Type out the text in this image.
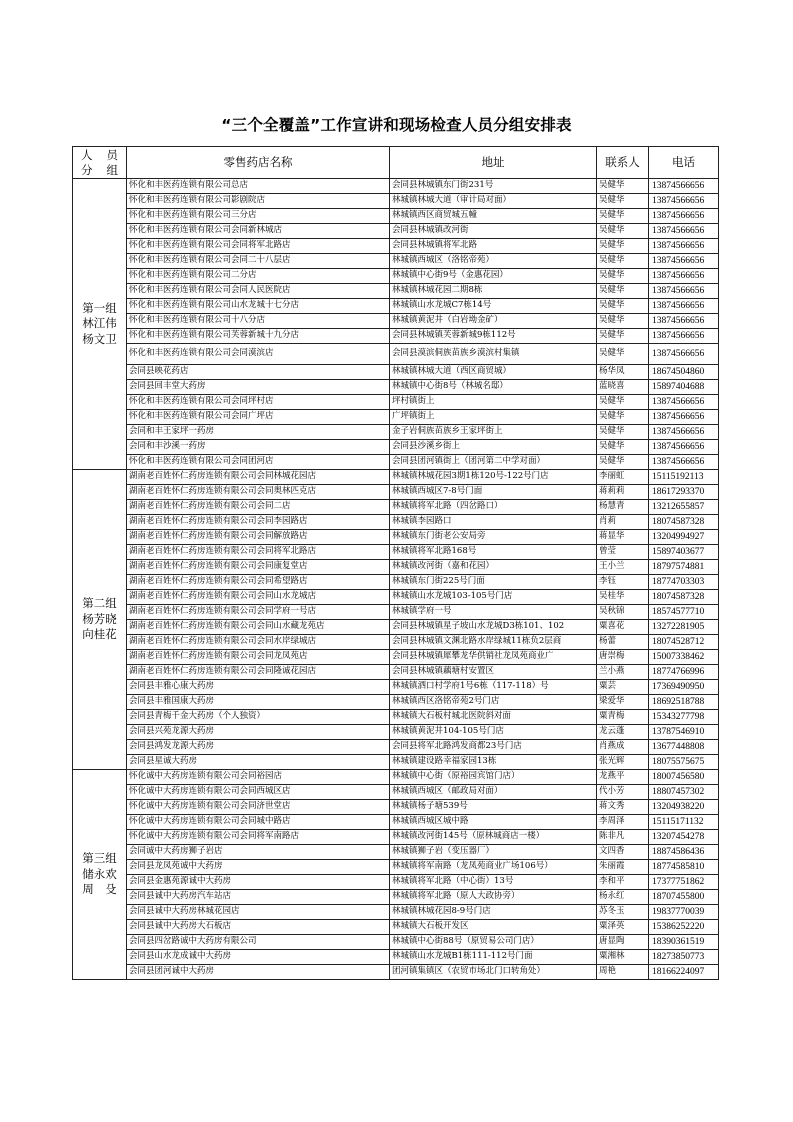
“三个全覆盖”工作宣讲和现场检查人员分组安排表
人　员
分　组	零售药店名称	地址	联系人	电话

第一组
林江伟
杨文卫	怀化和丰医药连锁有限公司总店	会同县林城镇东门街231号	吴健华	13874566656
	怀化和丰医药连锁有限公司影剧院店	林城镇林城大道（审计局对面）	吴健华	13874566656
	怀化和丰医药连锁有限公司三分店	林城镇西区商贸城五幢	吴健华	13874566656
	怀化和丰医药连锁有限公司会同新林城店	会同县林城镇改河街	吴健华	13874566656
	怀化和丰医药连锁有限公司会同将军北路店	会同县林城镇将军北路	吴健华	13874566656
	怀化和丰医药连锁有限公司会同二十八层店	林城镇西城区（洛铭帝苑）	吴健华	13874566656
	怀化和丰医药连锁有限公司二分店	林城镇中心街9号（金惠花园）	吴健华	13874566656
	怀化和丰医药连锁有限公司会同人民医院店	林城镇林城花园二期8栋	吴健华	13874566656
	怀化和丰医药连锁有限公司山水龙城十七分店	林城镇山水龙城C7栋14号	吴健华	13874566656
	怀化和丰医药连锁有限公司十八分店	林城镇黄泥井（白岩坳金矿）	吴健华	13874566656
	怀化和丰医药连锁有限公司芙蓉新城十九分店	会同县林城镇芙蓉新城9栋112号	吴健华	13874566656
	怀化和丰医药连锁有限公司会同漠滨店	会同县漠滨侗族苗族乡漠滨村集镇	吴健华	13874566656
	会同县映花药店	林城镇林城大道（西区商贸城）	杨华凤	18674504860
	会同县回丰堂大药房	林城镇中心街8号（林城名邸）	蓝晓喜	15897404688
	怀化和丰医药连锁有限公司会同坪村店	坪村镇街上	吴健华	13874566656
	怀化和丰医药连锁有限公司会同广坪店	广坪镇街上	吴健华	13874566656
	会同和丰王家坪一药房	金子岩侗族苗族乡王家坪街上	吴健华	13874566656
	会同和丰沙溪一药房	会同县沙溪乡街上	吴健华	13874566656
	怀化和丰医药连锁有限公司会同团河店	会同县团河镇街上（团河第二中学对面）	吴健华	13874566656

第二组
杨芳晓
向桂花	湖南老百姓怀仁药房连锁有限公司会同林城花园店	林城镇林城花园3期1栋120号-122号门店	李丽虹	15115192113
	湖南老百姓怀仁药房连锁有限公司会同奥林匹克店	林城镇西城区7-8号门面	蒋莉莉	18617293370
	湖南老百姓怀仁药房连锁有限公司会同二店	林城镇将军北路（四岔路口）	杨慧青	13212655857
	湖南老百姓怀仁药房连锁有限公司会同李园路店	林城镇李园路口	肖莉	18074587328
	湖南老百姓怀仁药房连锁有限公司会同解放路店	林城镇东门街老公安局旁	蒋显华	13204994927
	湖南老百姓怀仁药房连锁有限公司会同将军北路店	林城镇将军北路168号	曾莹	15897403677
	湖南老百姓怀仁药房连锁有限公司会同康复堂店	林城镇改河街（嘉和花园）	王小兰	18797574881
	湖南老百姓怀仁药房连锁有限公司会同希望路店	林城镇东门街225号门面	李钰	18774703303
	湖南老百姓怀仁药房连锁有限公司会同山水龙城店	林城镇山水龙城103-105号门店	吴桂华	18074587328
	湖南老百姓怀仁药房连锁有限公司会同学府一号店	林城镇学府一号	吴秋锦	18574577710
	湖南老百姓怀仁药房连锁有限公司会同山水藏龙苑店	会同县林城镇星子坡山水龙城D3栋101、102	粟喜花	13272281905
	湖南老百姓怀仁药房连锁有限公司会同水岸绿城店	会同县林城镇文渊北路水岸绿城11栋负2层商	杨蕾	18074528712
	湖南老百姓怀仁药房连锁有限公司会同龙凤苑店	会同县林城镇犀攀龙华供销社龙凤苑商业广	唐崇梅	15007338462
	湖南老百姓怀仁药房连锁有限公司会同隆诚花园店	会同县林城镇藕塘村安置区	兰小燕	18774766996
	会同县丰雅心康大药房	林城镇洒口村学府1号6栋（117-118）号	粟芸	17369490950
	会同县丰雅国康大药房	林城镇西区洛铭帝苑2号门店	梁爱华	18692518788
	会同县青梅千金大药房（个人独资）	林城镇大石板村城北医院斜对面	粟青梅	15343277798
	会同县兴苑龙源大药房	林城镇黄泥井104-105号门店	龙云蓬	13787546910
	会同县鸿发龙源大药房	会同县将军北路鸿发商都23号门店	肖燕成	13677448808
	会同县星诚大药房	林城镇建设路幸福家园13栋	张光辉	18075575675

第三组
储永欢
周　殳	怀化诚中大药房连锁有限公司会同裕园店	林城镇中心街（原裕园宾馆门店）	龙燕平	18007456580
	怀化诚中大药房连锁有限公司会同西城区店	林城镇西城区（邮政局对面）	代小芳	18807457302
	怀化诚中大药房连锁有限公司会同济世堂店	林城镇杨子塘539号	蒋文秀	13204938220
	怀化诚中大药房连锁有限公司会同城中路店	林城镇西城区城中路	李周泽	15115171132
	怀化诚中大药房连锁有限公司会同将军南路店	林城镇改河街145号（原林城商店一楼）	陈非凡	13207454278
	会同诚中大药房狮子岩店	林城镇狮子岩（变压器厂）	文四香	18874586436
	会同县龙凤苑诚中大药房	林城镇将军南路（龙凤苑商业广场106号）	朱丽霞	18774585810
	会同县金惠苑源诚中大药房	林城镇将军北路（中心街）13号	李和平	17377751862
	会同县诚中大药房汽车站店	林城镇将军北路（原人大政协旁）	杨永红	18707455800
	会同县诚中大药房林城花园店	林城镇林城花园8-9号门店	苏冬玉	19837770039
	会同县诚中大药房大石板店	林城镇大石板开发区	粟泽英	15386252220
	会同县四岔路诚中大药房有限公司	林城镇中心街88号（原贸易公司门店）	唐显陶	18390361519
	会同县山水龙成诚中大药房	林城镇山水龙城B1栋111-112号门面	粟湘林	18273850773
	会同县团河诚中大药房	团河镇集镇区（农贸市场北门口转角处）	周艳	18166224097
